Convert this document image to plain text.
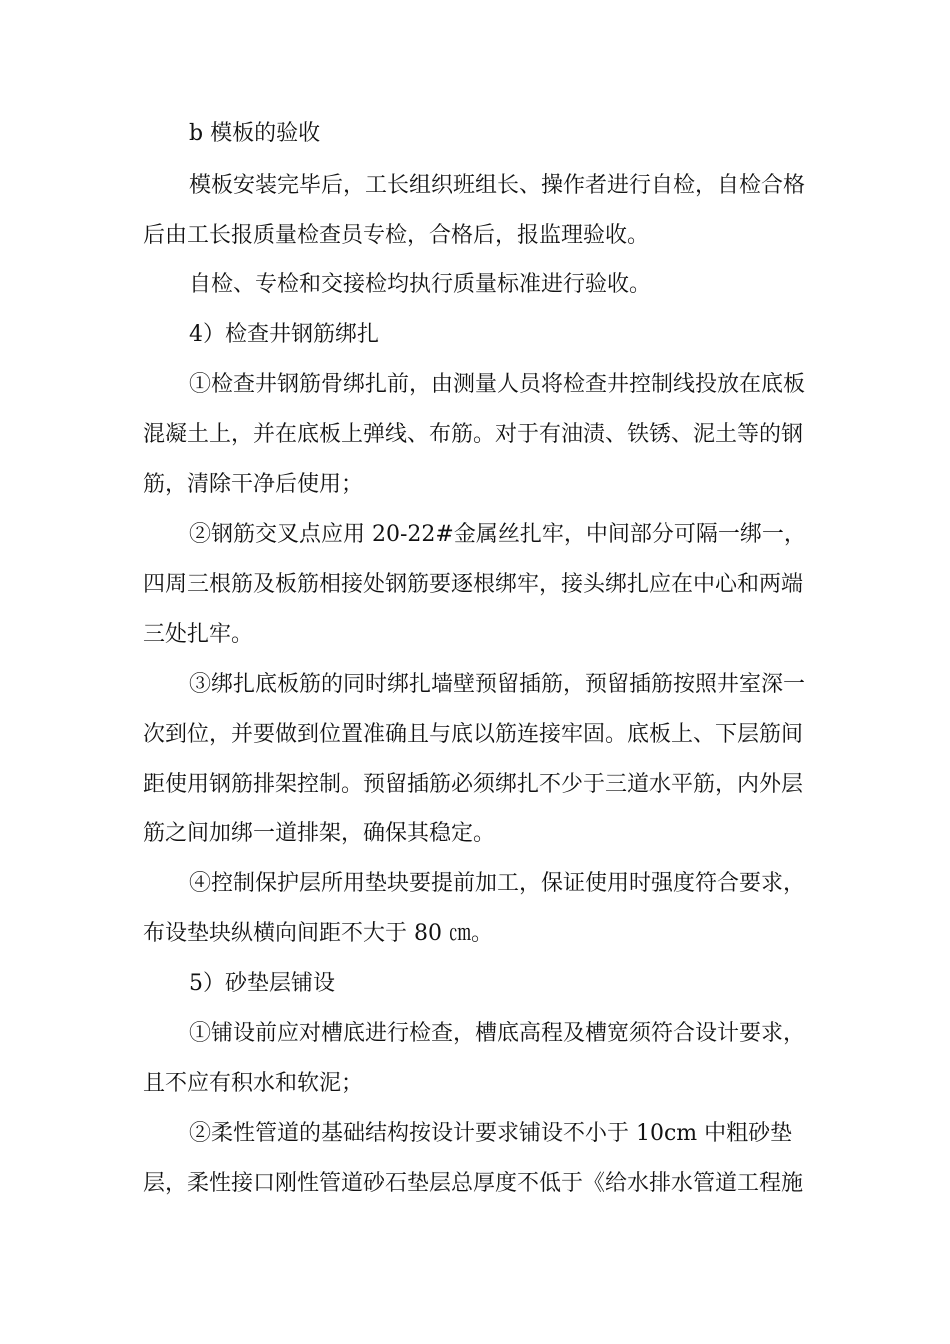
b 模板的验收
模板安装完毕后，工长组织班组长、操作者进行自检，自检合格
后由工长报质量检查员专检，合格后，报监理验收。
自检、专检和交接检均执行质量标准进行验收。
4）检查井钢筋绑扎
①检查井钢筋骨绑扎前，由测量人员将检查井控制线投放在底板
混凝土上，并在底板上弹线、布筋。对于有油渍、铁锈、泥土等的钢
筋，清除干净后使用；
②钢筋交叉点应用 20-22#金属丝扎牢，中间部分可隔一绑一，
四周三根筋及板筋相接处钢筋要逐根绑牢，接头绑扎应在中心和两端
三处扎牢。
③绑扎底板筋的同时绑扎墙壁预留插筋，预留插筋按照井室深一
次到位，并要做到位置准确且与底以筋连接牢固。底板上、下层筋间
距使用钢筋排架控制。预留插筋必须绑扎不少于三道水平筋，内外层
筋之间加绑一道排架，确保其稳定。
④控制保护层所用垫块要提前加工，保证使用时强度符合要求，
布设垫块纵横向间距不大于 80 ㎝。
5）砂垫层铺设
①铺设前应对槽底进行检查，槽底高程及槽宽须符合设计要求，
且不应有积水和软泥；
②柔性管道的基础结构按设计要求铺设不小于 10cm 中粗砂垫
层，柔性接口刚性管道砂石垫层总厚度不低于《给水排水管道工程施
